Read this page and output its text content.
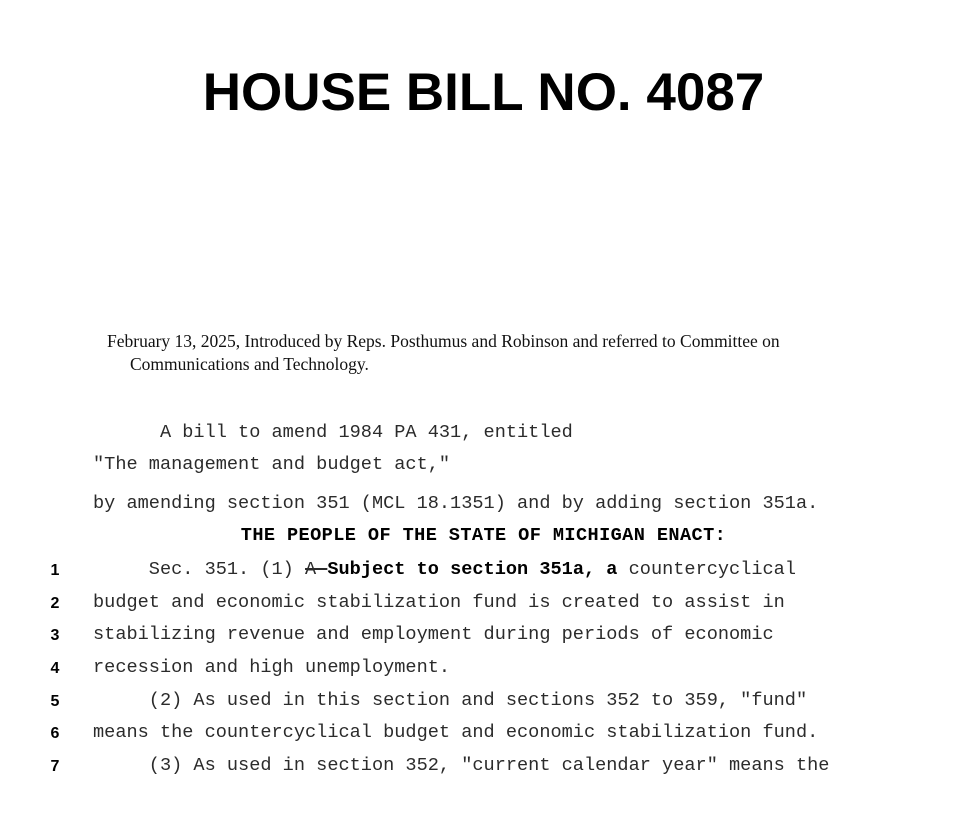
HOUSE BILL NO. 4087
February 13, 2025, Introduced by Reps. Posthumus and Robinson and referred to Committee on
Communications and Technology.
A bill to amend 1984 PA 431, entitled
"The management and budget act,"
by amending section 351 (MCL 18.1351) and by adding section 351a.
THE PEOPLE OF THE STATE OF MICHIGAN ENACT:
1 Sec. 351. (1) A Subject to section 351a, a countercyclical
2 budget and economic stabilization fund is created to assist in
3 stabilizing revenue and employment during periods of economic
4 recession and high unemployment.
5 (2) As used in this section and sections 352 to 359, "fund"
6 means the countercyclical budget and economic stabilization fund.
7 (3) As used in section 352, "current calendar year" means the
